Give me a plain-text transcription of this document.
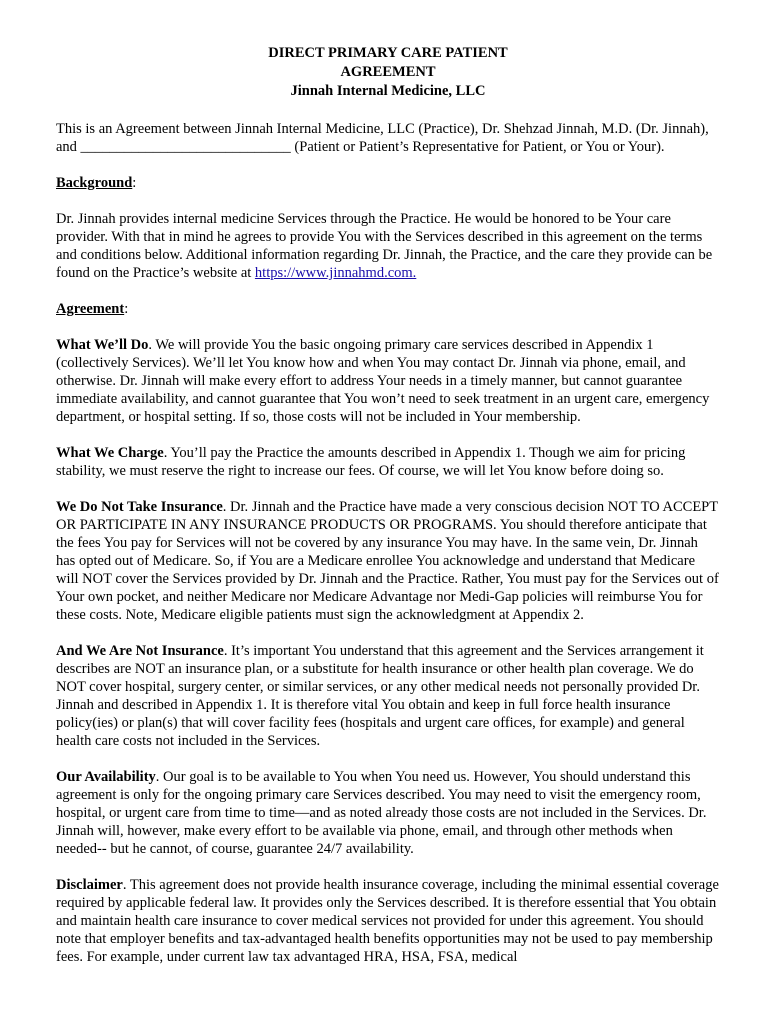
DIRECT PRIMARY CARE PATIENT
AGREEMENT
Jinnah Internal Medicine, LLC

This is an Agreement between Jinnah Internal Medicine, LLC (Practice), Dr. Shehzad Jinnah, M.D. (Dr. Jinnah), and _____________________________ (Patient or Patient’s Representative for Patient, or You or Your).

Background:

Dr. Jinnah provides internal medicine Services through the Practice. He would be honored to be Your care provider. With that in mind he agrees to provide You with the Services described in this agreement on the terms and conditions below. Additional information regarding Dr. Jinnah, the Practice, and the care they provide can be found on the Practice’s website at https://www.jinnahmd.com.

Agreement:

What We’ll Do. We will provide You the basic ongoing primary care services described in Appendix 1 (collectively Services). We’ll let You know how and when You may contact Dr. Jinnah via phone, email, and otherwise. Dr. Jinnah will make every effort to address Your needs in a timely manner, but cannot guarantee immediate availability, and cannot guarantee that You won’t need to seek treatment in an urgent care, emergency department, or hospital setting. If so, those costs will not be included in Your membership.

What We Charge. You’ll pay the Practice the amounts described in Appendix 1. Though we aim for pricing stability, we must reserve the right to increase our fees. Of course, we will let You know before doing so.

We Do Not Take Insurance. Dr. Jinnah and the Practice have made a very conscious decision NOT TO ACCEPT OR PARTICIPATE IN ANY INSURANCE PRODUCTS OR PROGRAMS. You should therefore anticipate that the fees You pay for Services will not be covered by any insurance You may have. In the same vein, Dr. Jinnah has opted out of Medicare. So, if You are a Medicare enrollee You acknowledge and understand that Medicare will NOT cover the Services provided by Dr. Jinnah and the Practice. Rather, You must pay for the Services out of Your own pocket, and neither Medicare nor Medicare Advantage nor Medi-Gap policies will reimburse You for these costs. Note, Medicare eligible patients must sign the acknowledgment at Appendix 2.

And We Are Not Insurance. It’s important You understand that this agreement and the Services arrangement it describes are NOT an insurance plan, or a substitute for health insurance or other health plan coverage. We do NOT cover hospital, surgery center, or similar services, or any other medical needs not personally provided Dr. Jinnah and described in Appendix 1. It is therefore vital You obtain and keep in full force health insurance policy(ies) or plan(s) that will cover facility fees (hospitals and urgent care offices, for example) and general health care costs not included in the Services.

Our Availability. Our goal is to be available to You when You need us. However, You should understand this agreement is only for the ongoing primary care Services described. You may need to visit the emergency room, hospital, or urgent care from time to time—and as noted already those costs are not included in the Services. Dr. Jinnah will, however, make every effort to be available via phone, email, and through other methods when needed-- but he cannot, of course, guarantee 24/7 availability.

Disclaimer. This agreement does not provide health insurance coverage, including the minimal essential coverage required by applicable federal law. It provides only the Services described. It is therefore essential that You obtain and maintain health care insurance to cover medical services not provided for under this agreement. You should note that employer benefits and tax-advantaged health benefits opportunities may not be used to pay membership fees. For example, under current law tax advantaged HRA, HSA, FSA, medical
